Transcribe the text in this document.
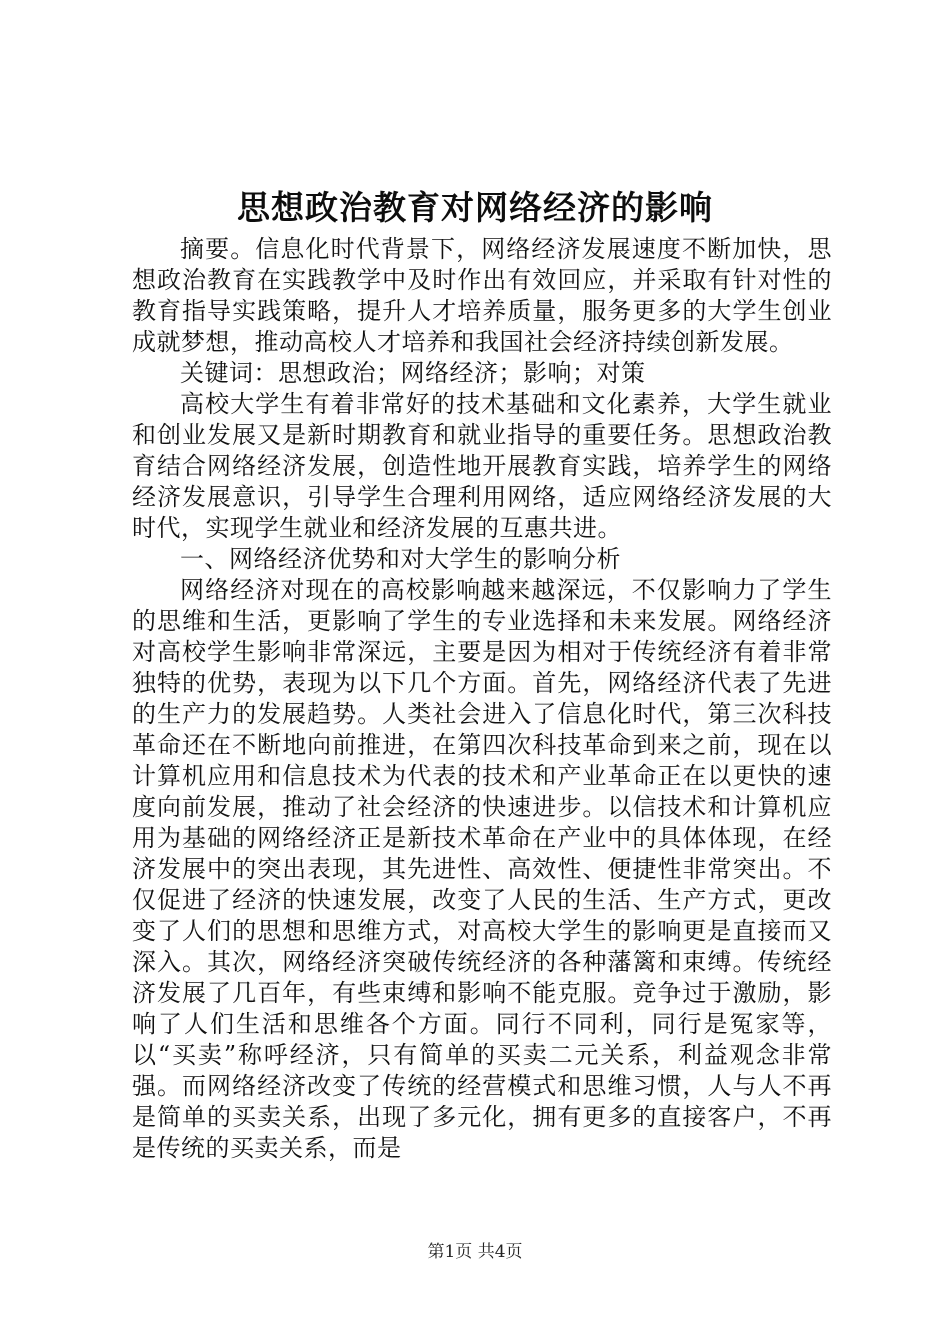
思想政治教育对网络经济的影响

摘要。信息化时代背景下，网络经济发展速度不断加快，思想政治教育在实践教学中及时作出有效回应，并采取有针对性的教育指导实践策略，提升人才培养质量，服务更多的大学生创业成就梦想，推动高校人才培养和我国社会经济持续创新发展。

关键词：思想政治；网络经济；影响；对策

高校大学生有着非常好的技术基础和文化素养，大学生就业和创业发展又是新时期教育和就业指导的重要任务。思想政治教育结合网络经济发展，创造性地开展教育实践，培养学生的网络经济发展意识，引导学生合理利用网络，适应网络经济发展的大时代，实现学生就业和经济发展的互惠共进。

一、网络经济优势和对大学生的影响分析

网络经济对现在的高校影响越来越深远，不仅影响力了学生的思维和生活，更影响了学生的专业选择和未来发展。网络经济对高校学生影响非常深远，主要是因为相对于传统经济有着非常独特的优势，表现为以下几个方面。首先，网络经济代表了先进的生产力的发展趋势。人类社会进入了信息化时代，第三次科技革命还在不断地向前推进，在第四次科技革命到来之前，现在以计算机应用和信息技术为代表的技术和产业革命正在以更快的速度向前发展，推动了社会经济的快速进步。以信技术和计算机应用为基础的网络经济正是新技术革命在产业中的具体体现，在经济发展中的突出表现，其先进性、高效性、便捷性非常突出。不仅促进了经济的快速发展，改变了人民的生活、生产方式，更改变了人们的思想和思维方式，对高校大学生的影响更是直接而又深入。其次，网络经济突破传统经济的各种藩篱和束缚。传统经济发展了几百年，有些束缚和影响不能克服。竞争过于激励，影响了人们生活和思维各个方面。同行不同利，同行是冤家等，以“买卖”称呼经济，只有简单的买卖二元关系，利益观念非常强。而网络经济改变了传统的经营模式和思维习惯，人与人不再是简单的买卖关系，出现了多元化，拥有更多的直接客户，不再是传统的买卖关系，而是

第1页 共4页
